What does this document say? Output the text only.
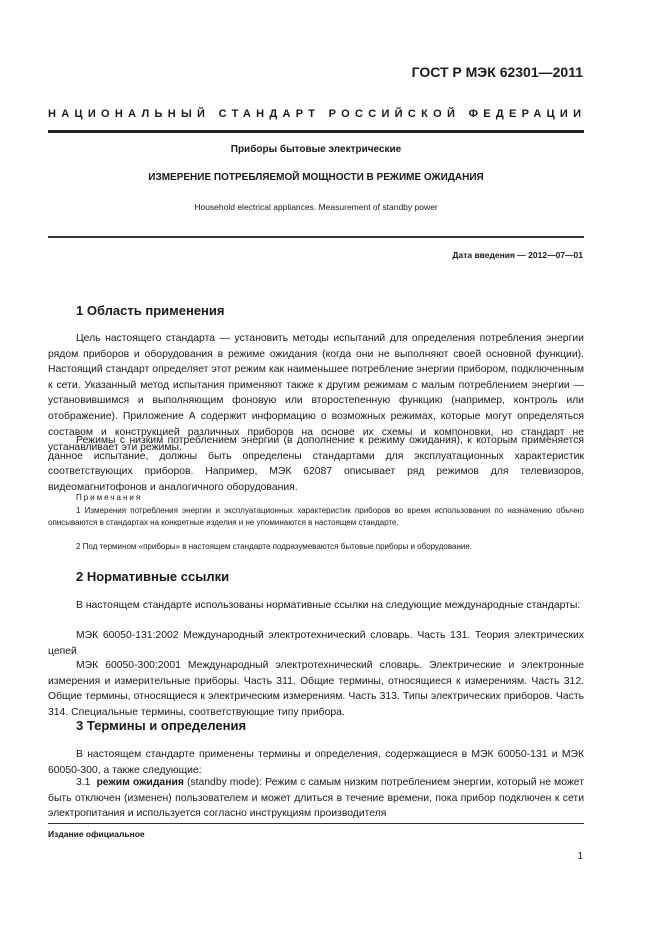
ГОСТ Р МЭК 62301—2011
НАЦИОНАЛЬНЫЙ СТАНДАРТ РОССИЙСКОЙ ФЕДЕРАЦИИ
Приборы бытовые электрические
ИЗМЕРЕНИЕ ПОТРЕБЛЯЕМОЙ МОЩНОСТИ В РЕЖИМЕ ОЖИДАНИЯ
Household electrical appliances. Measurement of standby power
Дата введения — 2012—07—01
1 Область применения
Цель настоящего стандарта — установить методы испытаний для определения потребления энергии рядом приборов и оборудования в режиме ожидания (когда они не выполняют своей основной функции). Настоящий стандарт определяет этот режим как наименьшее потребление энергии прибором, подключенным к сети. Указанный метод испытания применяют также к другим режимам с малым потреблением энергии — установившимся и выполняющим фоновую или второстепенную функцию (например, контроль или отображение). Приложение А содержит информацию о возможных режимах, которые могут определяться составом и конструкцией различных приборов на основе их схемы и компоновки, но стандарт не устанавливает эти режимы.
Режимы с низким потреблением энергии (в дополнение к режиму ожидания), к которым применяется данное испытание, должны быть определены стандартами для эксплуатационных характеристик соответствующих приборов. Например, МЭК 62087 описывает ряд режимов для телевизоров, видеомагнитофонов и аналогичного оборудования.
Примечания
1 Измерения потребления энергии и эксплуатационных характеристик приборов во время использования по назначению обычно описываются в стандартах на конкретные изделия и не упоминаются в настоящем стандарте.
2 Под термином «приборы» в настоящем стандарте подразумеваются бытовые приборы и оборудование.
2 Нормативные ссылки
В настоящем стандарте использованы нормативные ссылки на следующие международные стандарты:
МЭК 60050-131:2002 Международный электротехнический словарь. Часть 131. Теория электрических цепей
МЭК 60050-300:2001 Международный электротехнический словарь. Электрические и электронные измерения и измерительные приборы. Часть 311. Общие термины, относящиеся к измерениям. Часть 312. Общие термины, относящиеся к электрическим измерениям. Часть 313. Типы электрических приборов. Часть 314. Специальные термины, соответствующие типу прибора.
3 Термины и определения
В настоящем стандарте применены термины и определения, содержащиеся в МЭК 60050-131 и МЭК 60050-300, а также следующие:
3.1 режим ожидания (standby mode): Режим с самым низким потреблением энергии, который не может быть отключен (изменен) пользователем и может длиться в течение времени, пока прибор подключен к сети электропитания и используется согласно инструкциям производителя
Издание официальное
1
